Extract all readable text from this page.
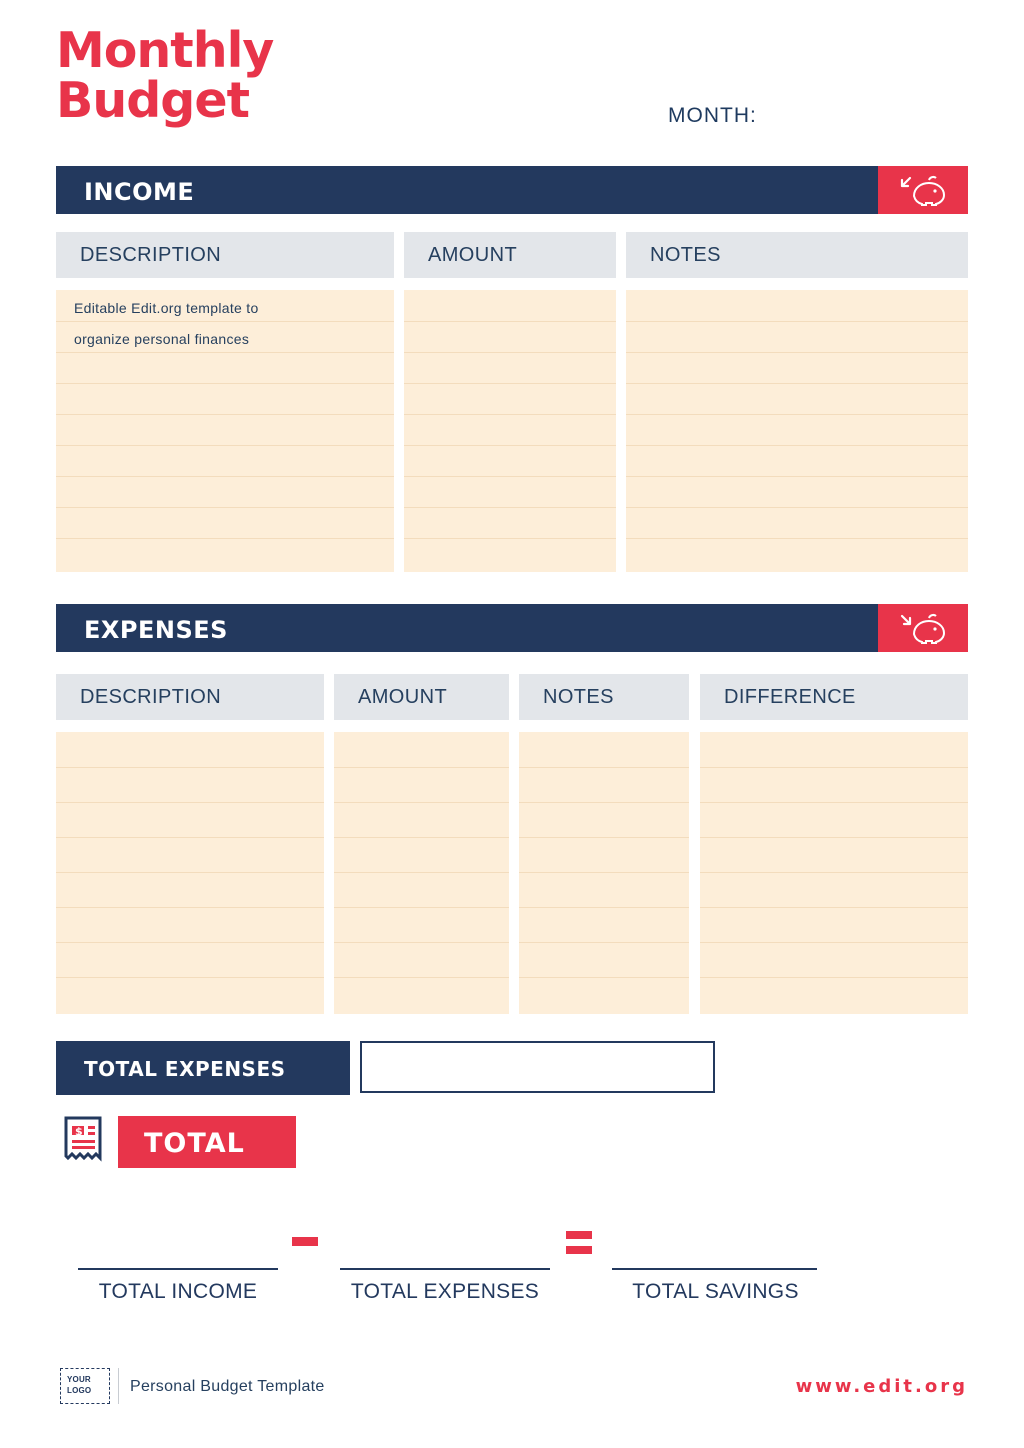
Monthly
Budget	MONTH:
INCOME
DESCRIPTION	AMOUNT	NOTES
Editable Edit.org template to
organize personal finances
EXPENSES
DESCRIPTION	AMOUNT	NOTES	DIFFERENCE
TOTAL EXPENSES
$ TOTAL
TOTAL INCOME	TOTAL EXPENSES	TOTAL SAVINGS
YOUR
LOGO Personal Budget Template	www.edit.org
